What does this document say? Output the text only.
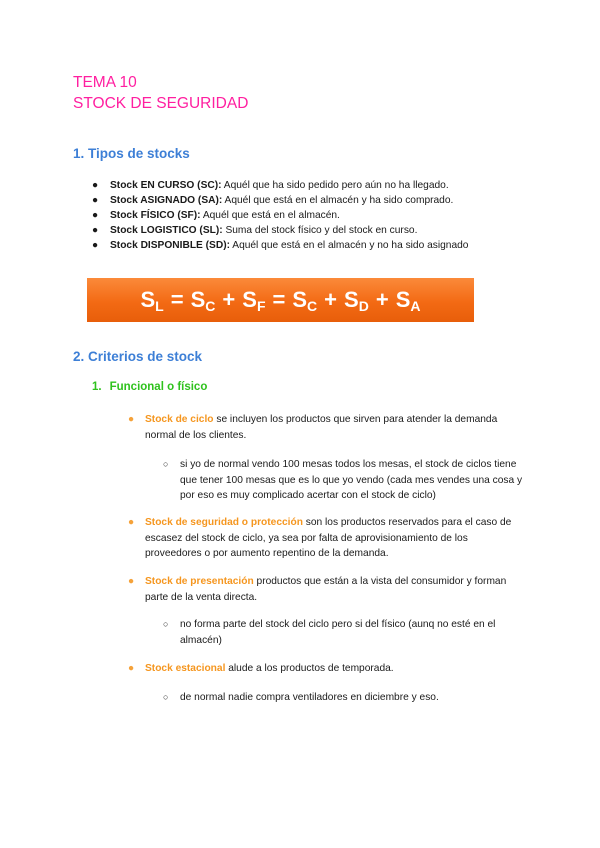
TEMA 10
STOCK DE SEGURIDAD
1. Tipos de stocks
● Stock EN CURSO (SC): Aquél que ha sido pedido pero aún no ha llegado.
● Stock ASIGNADO (SA): Aquél que está en el almacén y ha sido comprado.
● Stock FÍSICO (SF): Aquél que está en el almacén.
● Stock LOGISTICO (SL): Suma del stock físico y del stock en curso.
● Stock DISPONIBLE (SD): Aquél que está en el almacén y no ha sido asignado
S L = S C + S F = S C + S D + S A
2. Criterios de stock
1. Funcional o físico
● Stock de ciclo se incluyen los productos que sirven para atender la demanda normal de los clientes.
○ si yo de normal vendo 100 mesas todos los mesas, el stock de ciclos tiene que tener 100 mesas que es lo que yo vendo (cada mes vendes una cosa y por eso es muy complicado acertar con el stock de ciclo)
● Stock de seguridad o protección son los productos reservados para el caso de escasez del stock de ciclo, ya sea por falta de aprovisionamiento de los proveedores o por aumento repentino de la demanda.
● Stock de presentación productos que están a la vista del consumidor y forman parte de la venta directa.
○ no forma parte del stock del ciclo pero si del físico (aunq no esté en el almacén)
● Stock estacional alude a los productos de temporada.
○ de normal nadie compra ventiladores en diciembre y eso.
